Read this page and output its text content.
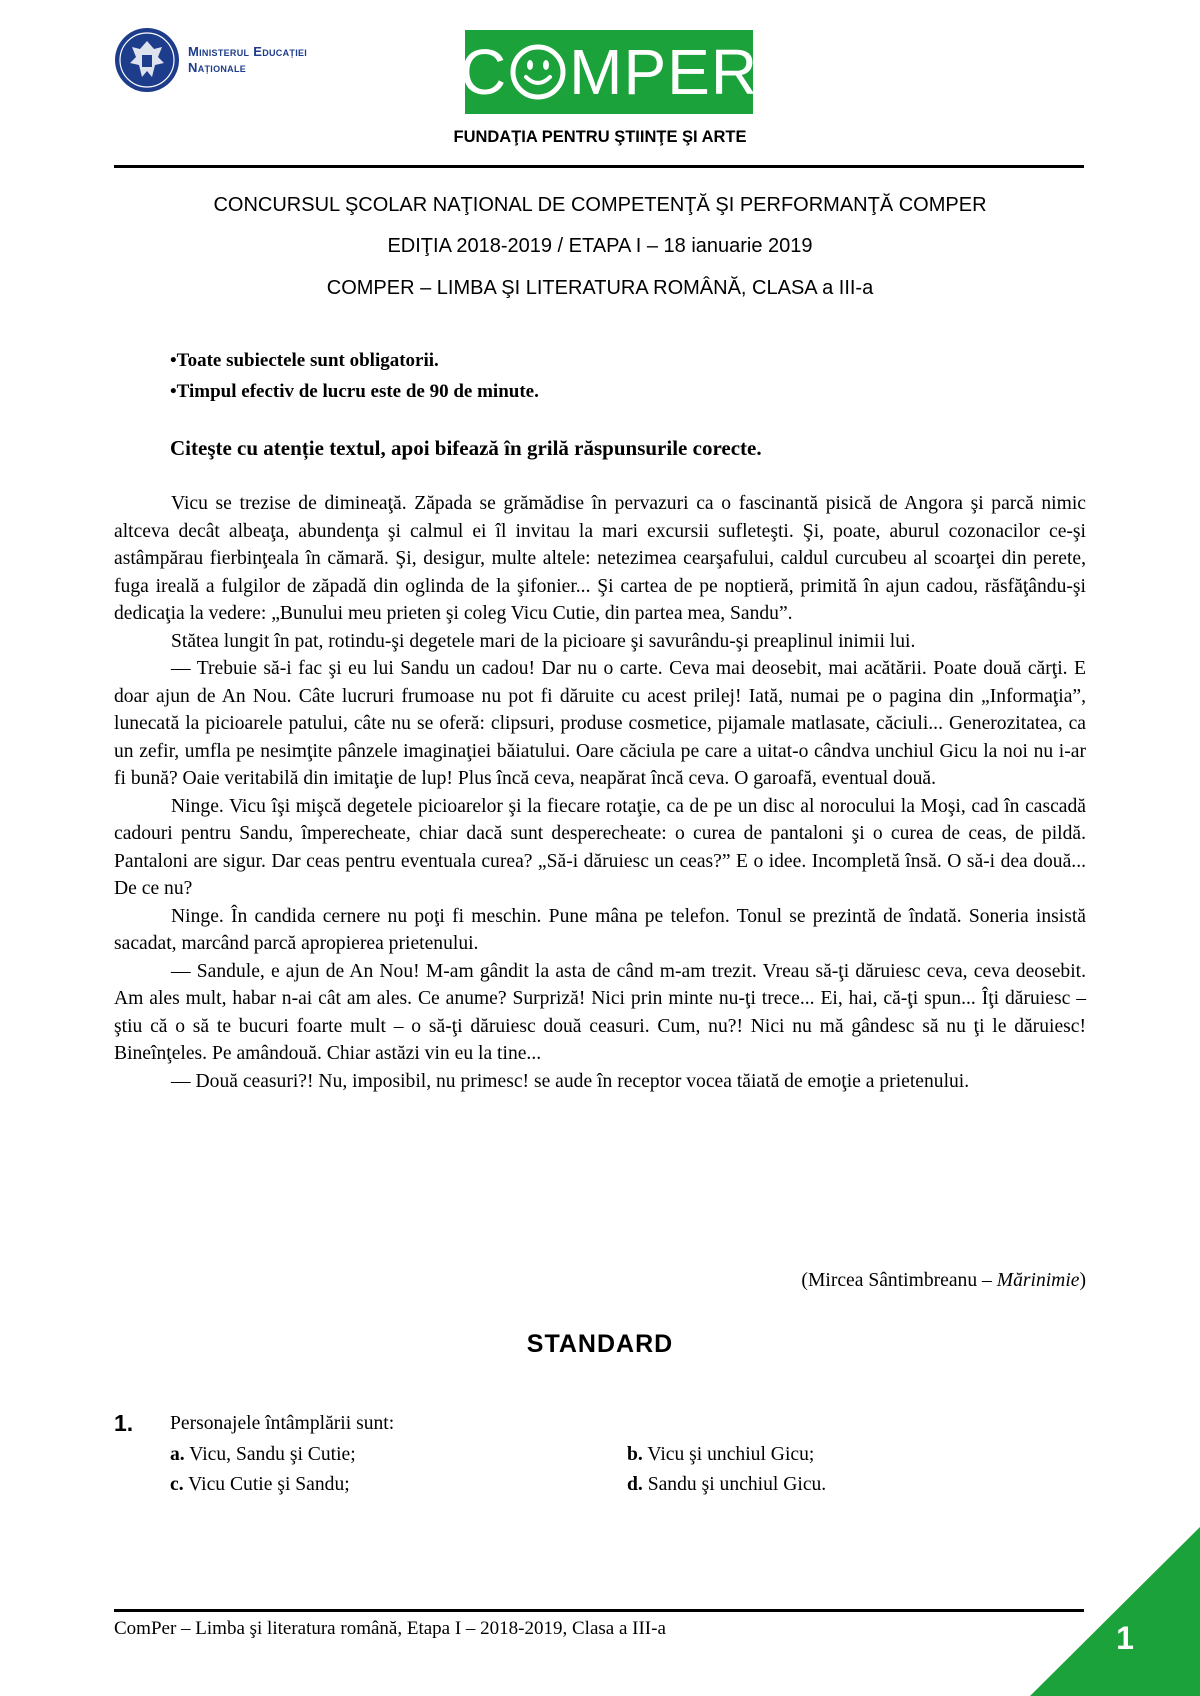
Ministerul Educației
Naționale	C MPER
FUNDAŢIA PENTRU ŞTIINŢE ŞI ARTE
CONCURSUL ŞCOLAR NAŢIONAL DE COMPETENŢĂ ŞI PERFORMANŢĂ COMPER
EDIŢIA 2018-2019 / ETAPA I – 18 ianuarie 2019
COMPER – LIMBA ŞI LITERATURA ROMÂNĂ, CLASA a III-a
•Toate subiectele sunt obligatorii.
•Timpul efectiv de lucru este de 90 de minute.
Citeşte cu atenție textul, apoi bifează în grilă răspunsurile corecte.

Vicu se trezise de dimineaţă. Zăpada se grămădise în pervazuri ca o fascinantă pisică de Angora şi parcă nimic altceva decât albeaţa, abundenţa şi calmul ei îl invitau la mari excursii sufleteşti. Şi, poate, aburul cozonacilor ce-şi astâmpărau fierbinţeala în cămară. Şi, desigur, multe altele: netezimea cearşafului, caldul curcubeu al scoarţei din perete, fuga ireală a fulgilor de zăpadă din oglinda de la şifonier... Şi cartea de pe noptieră, primită în ajun cadou, răsfăţându-şi dedicaţia la vedere: „Bunului meu prieten şi coleg Vicu Cutie, din partea mea, Sandu”.

Stătea lungit în pat, rotindu-şi degetele mari de la picioare şi savurându-şi preaplinul inimii lui.

— Trebuie să-i fac şi eu lui Sandu un cadou! Dar nu o carte. Ceva mai deosebit, mai acătării. Poate două cărţi. E doar ajun de An Nou. Câte lucruri frumoase nu pot fi dăruite cu acest prilej! Iată, numai pe o pagina din „Informaţia”, lunecată la picioarele patului, câte nu se oferă: clipsuri, produse cosmetice, pijamale matlasate, căciuli... Generozitatea, ca un zefir, umfla pe nesimţite pânzele imaginaţiei băiatului. Oare căciula pe care a uitat-o cândva unchiul Gicu la noi nu i-ar fi bună? Oaie veritabilă din imitaţie de lup! Plus încă ceva, neapărat încă ceva. O garoafă, eventual două.

Ninge. Vicu îşi mişcă degetele picioarelor şi la fiecare rotaţie, ca de pe un disc al norocului la Moşi, cad în cascadă cadouri pentru Sandu, împerecheate, chiar dacă sunt desperecheate: o curea de pantaloni şi o curea de ceas, de pildă. Pantaloni are sigur. Dar ceas pentru eventuala curea? „Să-i dăruiesc un ceas?” E o idee. Incompletă însă. O să-i dea două... De ce nu?

Ninge. În candida cernere nu poţi fi meschin. Pune mâna pe telefon. Tonul se prezintă de îndată. Soneria insistă sacadat, marcând parcă apropierea prietenului.

— Sandule, e ajun de An Nou! M-am gândit la asta de când m-am trezit. Vreau să-ţi dăruiesc ceva, ceva deosebit. Am ales mult, habar n-ai cât am ales. Ce anume? Surpriză! Nici prin minte nu-ţi trece... Ei, hai, că-ţi spun... Îţi dăruiesc – ştiu că o să te bucuri foarte mult – o să-ţi dăruiesc două ceasuri. Cum, nu?! Nici nu mă gândesc să nu ţi le dăruiesc! Bineînţeles. Pe amândouă. Chiar astăzi vin eu la tine...

— Două ceasuri?! Nu, imposibil, nu primesc! se aude în receptor vocea tăiată de emoţie a prietenului.

(Mircea Sântimbreanu – Mărinimie)
STANDARD
1. Personajele întâmplării sunt:
a. Vicu, Sandu şi Cutie;	b. Vicu şi unchiul Gicu;
c. Vicu Cutie şi Sandu;	d. Sandu şi unchiul Gicu.
ComPer – Limba şi literatura română, Etapa I – 2018-2019, Clasa a III-a	1
